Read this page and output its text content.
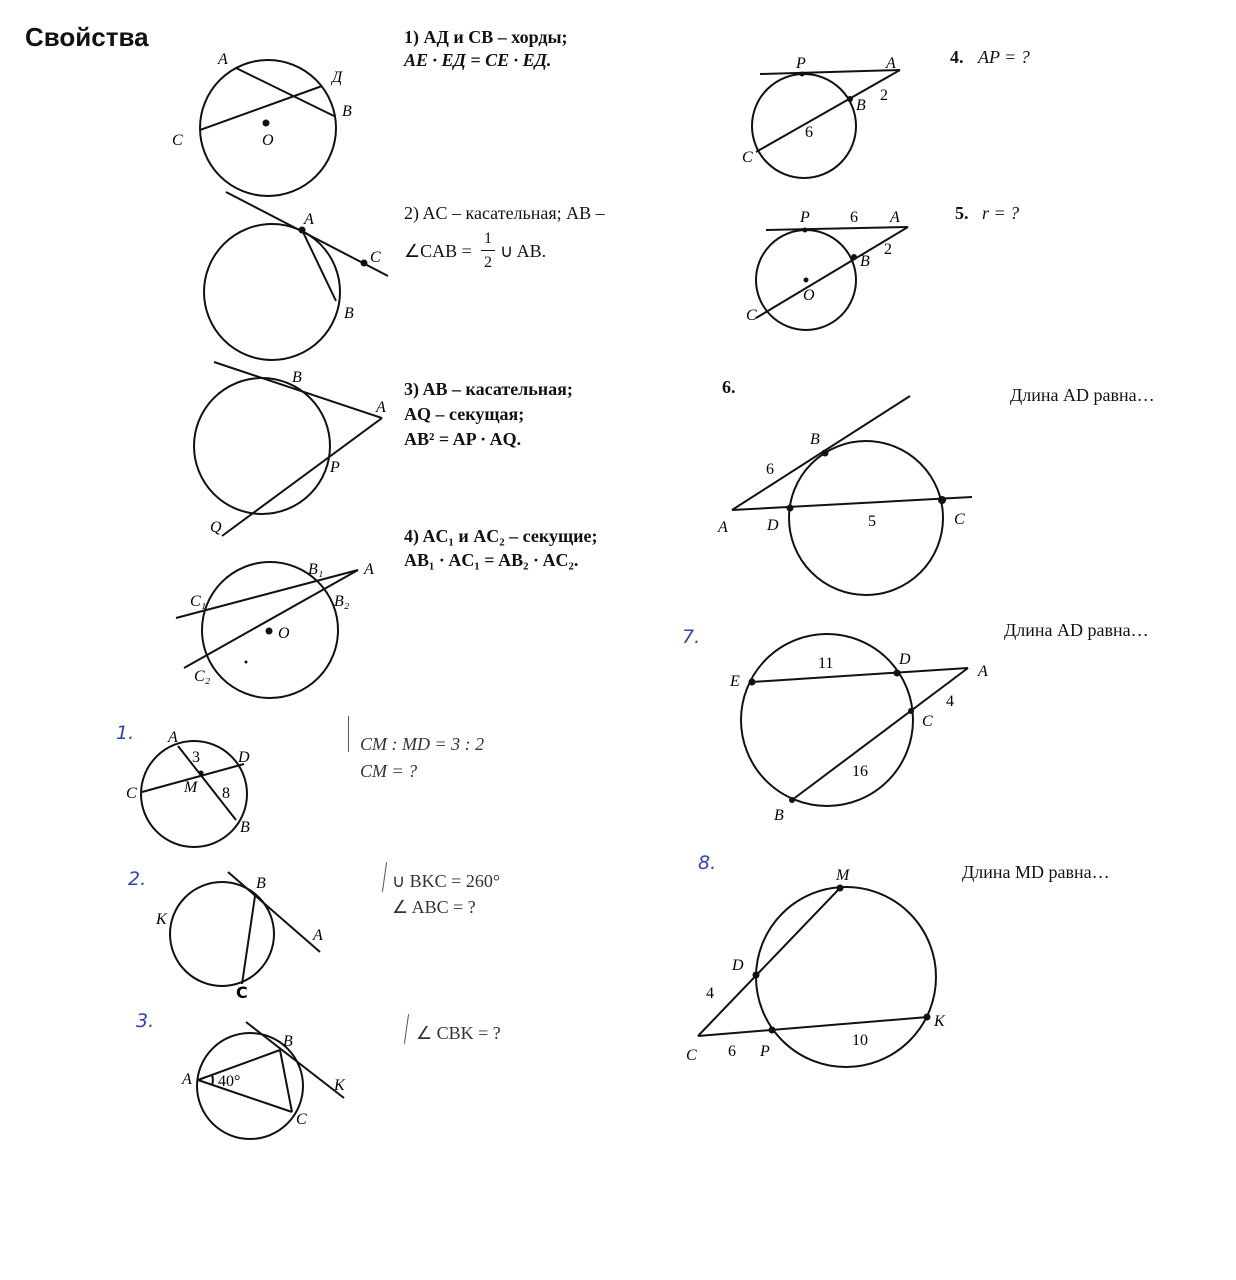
Свойства	1) АД и СВ – хорды;
АЕ · ЕД = СЕ · ЕД.
2) AC – касательная; AB –
∠CAB =
1
2
∪ AB.
3) AB – касательная;
AQ – секущая;
AB² = AP · AQ.
4) AC₁ и AC₂ – секущие;
AB₁ · AC₁ = AB₂ · AC₂.
1.	CM : MD = 3 : 2
CM = ?
2.	∪ BKC = 260°
∠ ABC = ?
3.
∠ CBK = ?
4. AP = ?
5. r = ?
6.	Длина AD равна…
7.	Длина AD равна…
8.	Длина MD равна…
A
Д
B
C	O
A
C
B
B
A
P
Q
C₁
B₁	A
B₂
O
C₂
A
D
C	M
B
3
8
B
K
A
C
A
B
K
C
40°
P	A
B
2
6
C
P	6 A
B
2
O
C
B
6
A D	5	C
E
11	D
A
4
C
16
B
M
D
4
K
C 6 P
10
